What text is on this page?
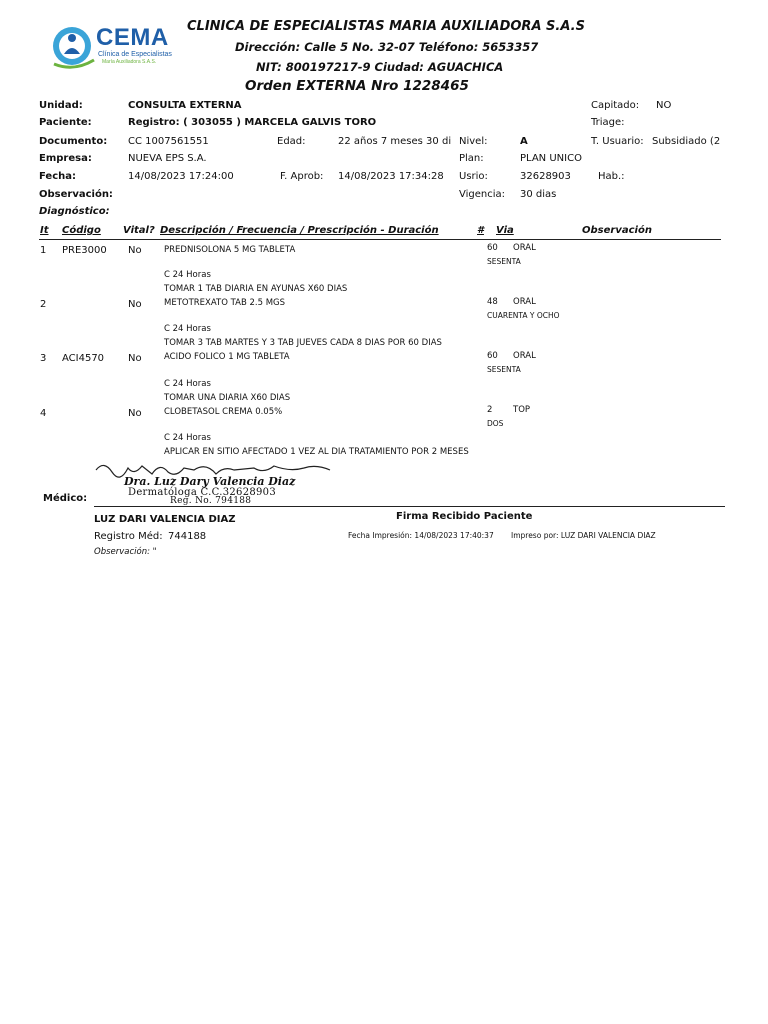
CEMA
Clínica de Especialistas
María Auxiliadora S.A.S.
CLINICA DE ESPECIALISTAS MARIA AUXILIADORA S.A.S
Dirección: Calle 5 No. 32-07 Teléfono: 5653357
NIT: 800197217-9 Ciudad: AGUACHICA
Orden EXTERNA Nro 1228465
Unidad:	CONSULTA EXTERNA	Capitado: NO
Paciente:	Registro: ( 303055 ) MARCELA GALVIS TORO	Triage:
Documento: CC 1007561551	Edad:	22 años 7 meses 30 di Nivel:	A	T. Usuario: Subsidiado (2
Empresa:	NUEVA EPS S.A.	Plan:	PLAN UNICO
Fecha:	14/08/2023 17:24:00	F. Aprob: 14/08/2023 17:34:28 Usrio:	32628903	Hab.:
Observación:	Vigencia: 30 dias
Diagnóstico:
It Código Vital? Descripción / Frecuencia / Prescripción - Duración	# Via	Observación
1 PRE3000 No	PREDNISOLONA 5 MG TABLETA	60 ORAL
SESENTA
C 24 Horas
TOMAR 1 TAB DIARIA EN AYUNAS X60 DIAS
2	No	METOTREXATO TAB 2.5 MGS	48 ORAL
CUARENTA Y OCHO
C 24 Horas
TOMAR 3 TAB MARTES Y 3 TAB JUEVES CADA 8 DIAS POR 60 DIAS
3 ACI4570 No	ACIDO FOLICO 1 MG TABLETA	60 ORAL
SESENTA
C 24 Horas
TOMAR UNA DIARIA X60 DIAS
4	No	CLOBETASOL CREMA 0.05%	2 TOP
DOS
C 24 Horas
APLICAR EN SITIO AFECTADO 1 VEZ AL DIA TRATAMIENTO POR 2 MESES
Dra. Luz Dary Valencia Diaz
Dermatóloga C.C.32628903
Reg. No. 794188
Médico:
LUZ DARI VALENCIA DIAZ	Firma Recibido Paciente
Registro Méd: 744188	Fecha Impresión: 14/08/2023 17:40:37 Impreso por: LUZ DARI VALENCIA DIAZ
Observación: "
